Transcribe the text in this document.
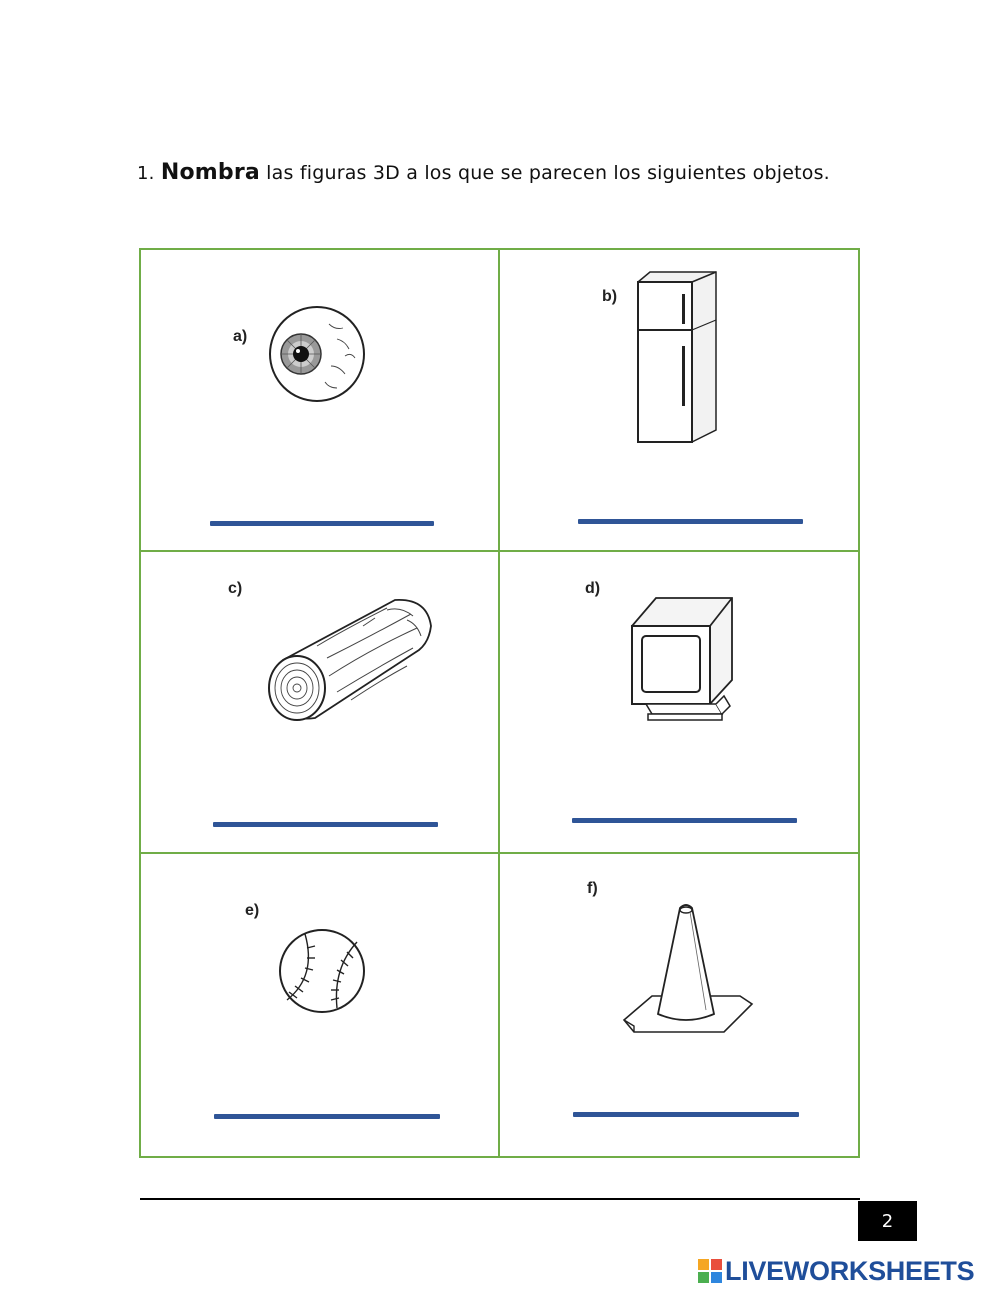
1. Nombra las figuras 3D a los que se parecen los siguientes objetos.
a)
b)
c)	d)
e)
f)
2
LIVEWORKSHEETS
